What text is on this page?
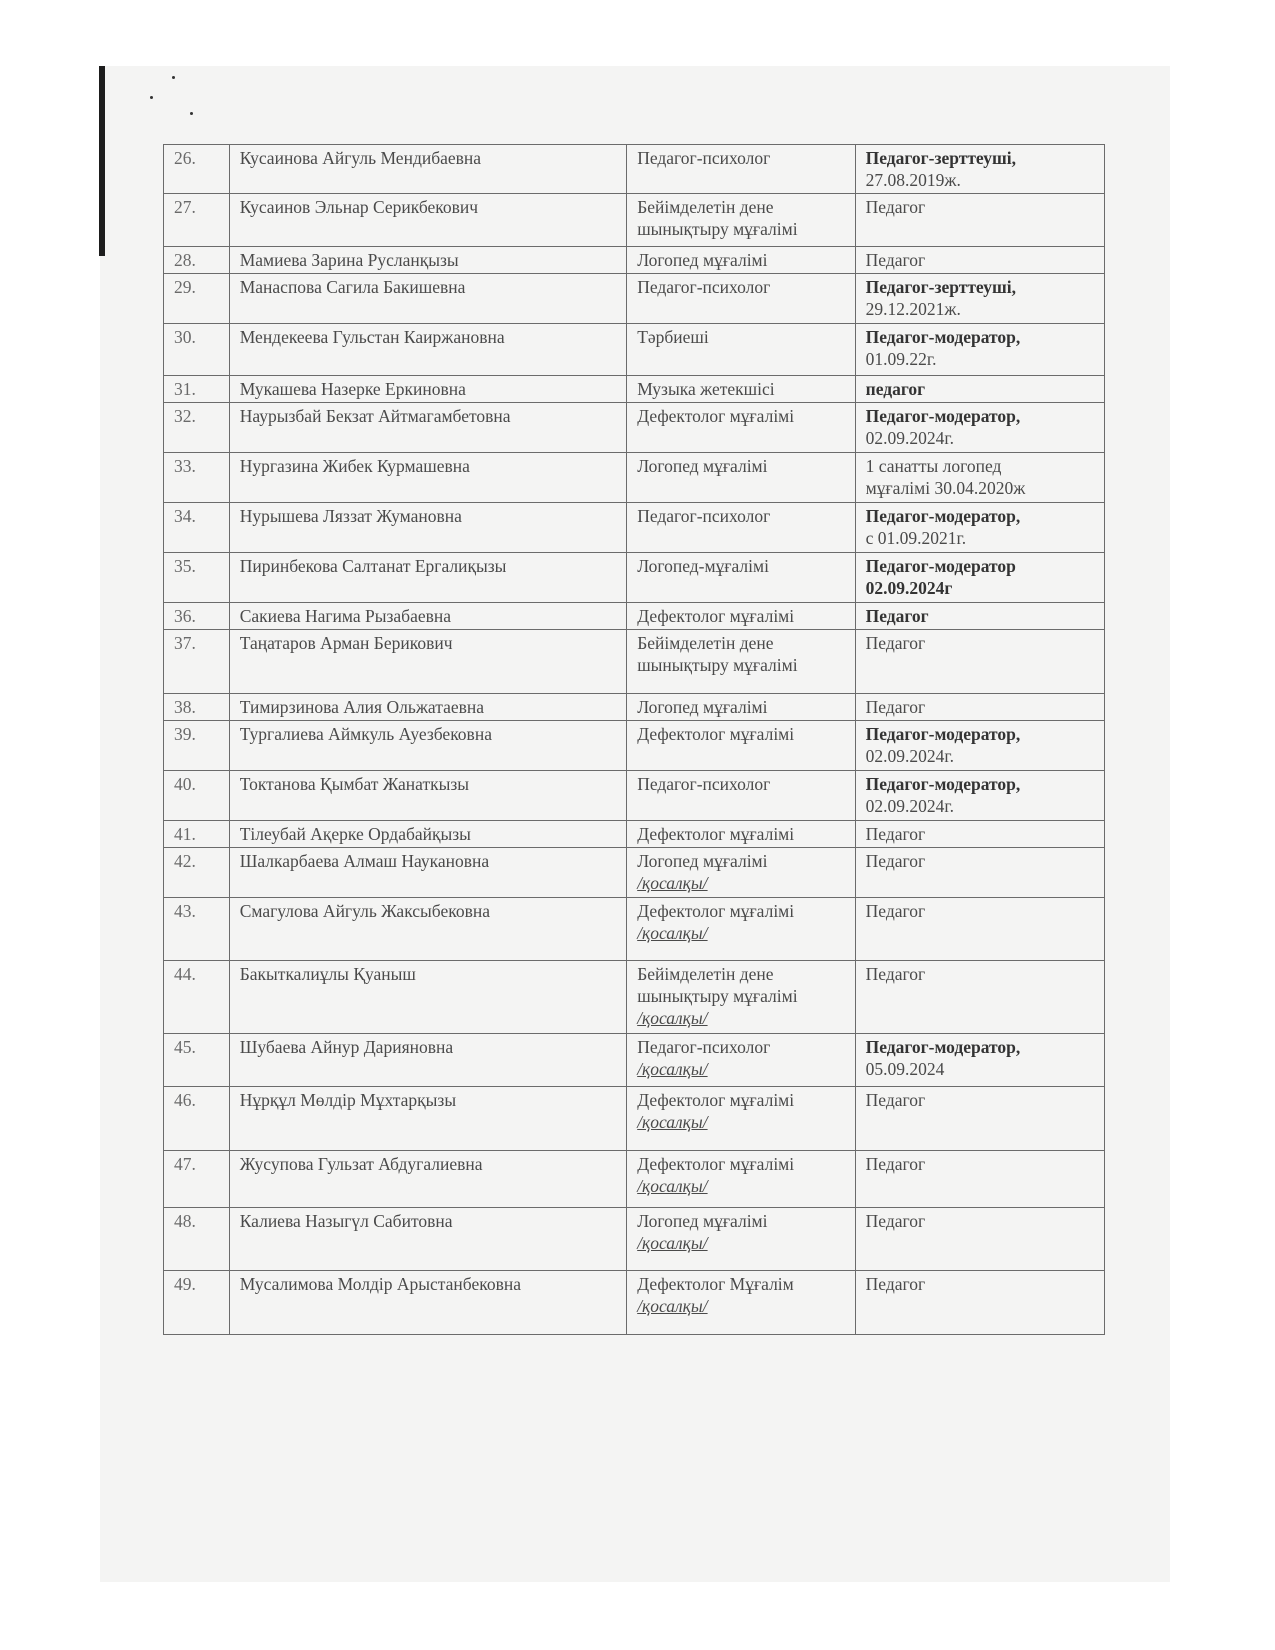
26.	Кусаинова Айгуль Мендибаевна	Педагог-психолог	Педагог-зерттеуші,
27.08.2019ж.

27.	Кусаинов Эльнар Серикбекович	Бейімделетін дене шынықтыру мұғалімі	Педагог

28.	Мамиева Зарина Русланқызы	Логопед мұғалімі	Педагог

29.	Манаспова Сагила Бакишевна	Педагог-психолог	Педагог-зерттеуші,
29.12.2021ж.

30.	Мендекеева Гульстан Каиржановна	Тәрбиеші	Педагог-модератор,
01.09.22г.

31.	Мукашева Назерке Еркиновна	Музыка жетекшісі	педагог

32.	Наурызбай Бекзат Айтмагамбетовна	Дефектолог мұғалімі	Педагог-модератор,
02.09.2024г.

33.	Нургазина Жибек Курмашевна	Логопед мұғалімі	1 санатты логопед
мұғалімі 30.04.2020ж

34.	Нурышева Ляззат Жумановна	Педагог-психолог	Педагог-модератор,
с 01.09.2021г.

35.	Пиринбекова Салтанат Ергалиқызы	Логопед-мұғалімі	Педагог-модератор
02.09.2024г

36.	Сакиева Нагима Рызабаевна	Дефектолог мұғалімі	Педагог

37.	Таңатаров Арман Берикович	Бейімделетін дене шынықтыру мұғалімі	Педагог

38.	Тимирзинова Алия Ольжатаевна	Логопед мұғалімі	Педагог

39.	Тургалиева Аймкуль Ауезбековна	Дефектолог мұғалімі	Педагог-модератор,
02.09.2024г.

40.	Токтанова Қымбат Жанаткызы	Педагог-психолог	Педагог-модератор,
02.09.2024г.

41.	Тілеубай Ақерке Ордабайқызы	Дефектолог мұғалімі	Педагог

42.	Шалкарбаева Алмаш Наукановна	Логопед мұғалімі
/қосалқы/	Педагог

43.	Смагулова Айгуль Жаксыбековна	Дефектолог мұғалімі
/қосалқы/	Педагог

44.	Бакыткалиұлы Қуаныш	Бейімделетін дене шынықтыру мұғалімі
/қосалқы/	Педагог

45.	Шубаева Айнур Дарияновна	Педагог-психолог
/қосалқы/	Педагог-модератор,
05.09.2024

46.	Нұрқұл Мөлдір Мұхтарқызы	Дефектолог мұғалімі
/қосалқы/	Педагог

47.	Жусупова Гульзат Абдугалиевна	Дефектолог мұғалімі
/қосалқы/	Педагог

48.	Калиева Назыгүл Сабитовна	Логопед мұғалімі
/қосалқы/	Педагог

49.	Мусалимова Молдір Арыстанбековна	Дефектолог Мұғалім
/қосалқы/	Педагог
